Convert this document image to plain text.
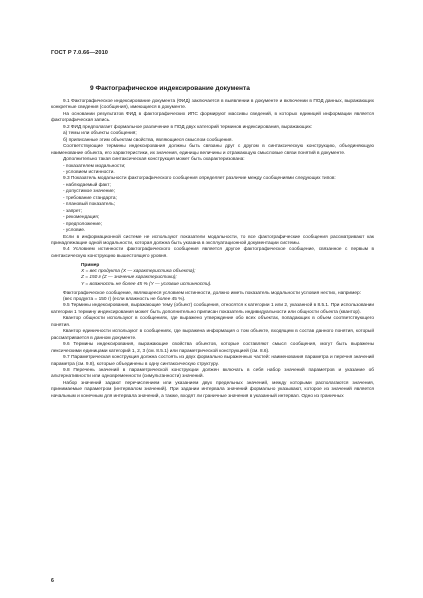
ГОСТ Р 7.0.66—2010
9 Фактографическое индексирование документа

9.1 Фактографическое индексирование документа (ФИД) заключается в выявлении в документе и включении в ПОД данных, выражающих конкретные сведения (сообщения), имеющиеся в документе.

На основании результатов ФИД в фактографических ИПС формируют массивы сведений, в которых единицей информации является фактографическая запись.

9.2 ФИД предполагает формальное различение в ПОД двух категорий терминов индексирования, выражающих:

а) темы или объекты сообщения;

б) приписанные этим объектам свойства, являющиеся смыслом сообщения.

Соответствующие термины индексирования должны быть связаны друг с другом в синтаксическую конструкцию, объединяющую наименование объекта, его характеристики, их значения, единицы величины и отражающую смысловые связи понятий в документе.

Дополнительно такая синтаксическая конструкция может быть охарактеризована:

- показателем модальности;

- условием истинности.

9.3 Показатель модальности фактографического сообщения определяет различие между сообщениями следующих типов:

- наблюдаемый факт;

- допустимое значение;

- требование стандарта;

- плановый показатель;

- запрет;

- рекомендация;

- предположение;

- условие.

Если в информационной системе не используют показатели модальности, то все фактографические сообщения рассматривают как принадлежащие одной модальности, которая должна быть указана в эксплуатационной документации системы.

9.4 Условием истинности фактографического сообщения является другое фактографическое сообщение, связанное с первым в синтаксическую конструкцию вышестоящего уровня.

Пример

X = вес продукта (X — характеристика объекта);

Z = 150 г (Z — значение характеристики);

Y = влажность не более 45 % (Y — условие истинности).

Фактографическое сообщение, являющееся условием истинности, должно иметь показатель модальности условия нестих, например:

(вес продукта = 150 г) (если влажность не более 45 %).

9.5 Термины индексирования, выражающие тему (объект) сообщения, относятся к категории 1 или 2, указанной в 8.5.1. При использовании категории 1 термину индексирования может быть дополнительно приписан показатель индивидуальности или общности объекта (квантор).

Квантор общности используют в сообщениях, где выражено утверждение обо всех объектах, попадающих в объем соответствующего понятия.

Квантор единичности используют в сообщениях, где выражена информация о том объекте, входящем в состав данного понятия, который рассматривается в данном документе.

9.6 Термины индексирования, выражающие свойства объектов, которые составляют смысл сообщения, могут быть выражены лексическими единицами категорий 1, 2, 3 (см. 8.5.1) или параметрической конструкцией (см. 8.6).

9.7 Параметрическая конструкция должна состоять из двух формально выраженных частей: наименования параметра и перечня значений параметра (см. 9.8), которые объединены в одну синтаксическую структуру.

9.8 Перечень значений в параметрической конструкции должен включать в себя набор значений параметров и указание об альтернативности или одновременности (симультанности) значений.

Набор значений задают перечислением или указанием двух предельных значений, между которыми располагаются значения, принимаемые параметром (интервалом значений). При задании интервала значений формально указывают, которое из значений является начальным и конечным для интервала значений, а также, входят ли граничные значения в указанный интервал. Одно из граничных

6
